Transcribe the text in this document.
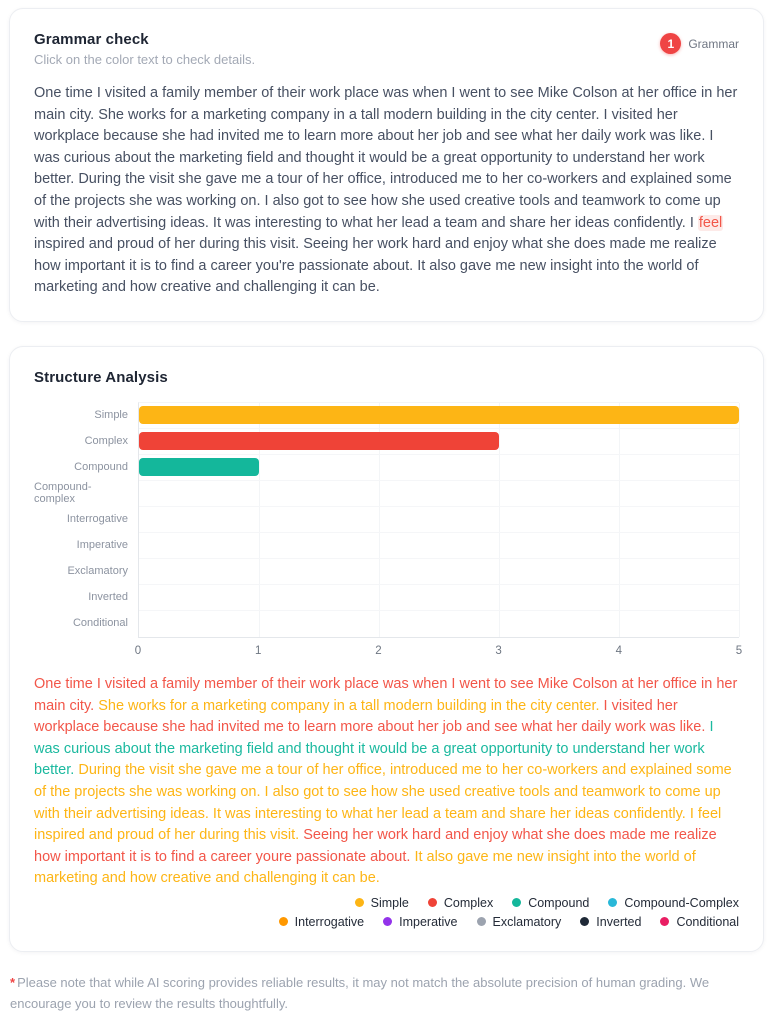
Grammar check
Click on the color text to check details.
1	Grammar

One time I visited a family member of their work place was when I went to see Mike Colson at her office in her main city. She works for a marketing company in a tall modern building in the city center. I visited her workplace because she had invited me to learn more about her job and see what her daily work was like. I was curious about the marketing field and thought it would be a great opportunity to understand her work better. During the visit she gave me a tour of her office, introduced me to her co-workers and explained some of the projects she was working on. I also got to see how she used creative tools and teamwork to come up with their advertising ideas. It was interesting to what her lead a team and share her ideas confidently. I feel inspired and proud of her during this visit. Seeing her work hard and enjoy what she does made me realize how important it is to find a career you're passionate about. It also gave me new insight into the world of marketing and how creative and challenging it can be.

Structure Analysis
Simple
Complex
Compound
Compound-complex
Interrogative
Imperative
Exclamatory
Inverted
Conditional
0	1	2	3	4	5

One time I visited a family member of their work place was when I went to see Mike Colson at her office in her main city. She works for a marketing company in a tall modern building in the city center. I visited her workplace because she had invited me to learn more about her job and see what her daily work was like. I was curious about the marketing field and thought it would be a great opportunity to understand her work better. During the visit she gave me a tour of her office, introduced me to her co-workers and explained some of the projects she was working on. I also got to see how she used creative tools and teamwork to come up with their advertising ideas. It was interesting to what her lead a team and share her ideas confidently. I feel inspired and proud of her during this visit. Seeing her work hard and enjoy what she does made me realize how important it is to find a career youre passionate about. It also gave me new insight into the world of marketing and how creative and challenging it can be.

Simple	Complex	Compound	Compound-Complex
Interrogative	Imperative	Exclamatory	Inverted	Conditional

* Please note that while AI scoring provides reliable results, it may not match the absolute precision of human grading. We encourage you to review the results thoughtfully.
